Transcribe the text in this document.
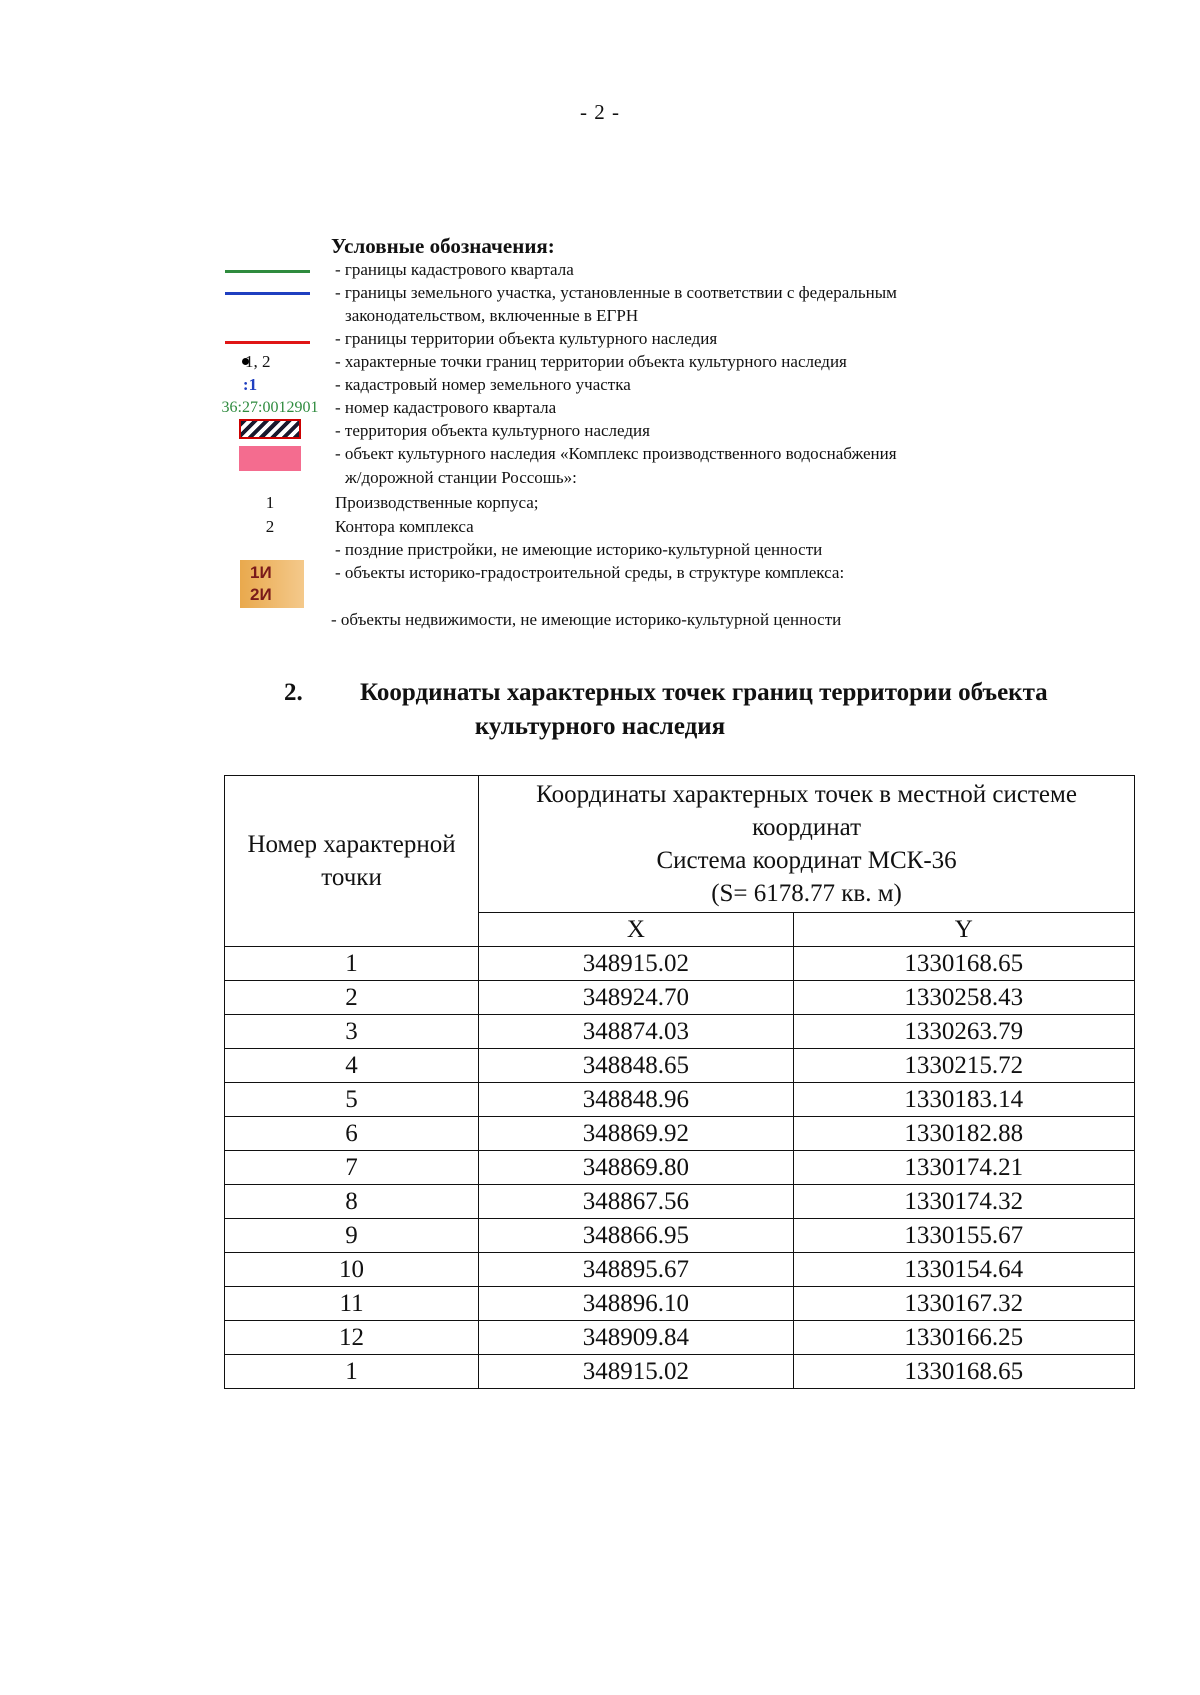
- 2 -
Условные обозначения:
1, 2
:1
36:27:0012901
1
2
1И
2И
- границы кадастрового квартала
- границы земельного участка, установленные в соответствии с федеральным
законодательством, включенные в ЕГРН
- границы территории объекта культурного наследия
- характерные точки границ территории объекта культурного наследия
- кадастровый номер земельного участка
- номер кадастрового квартала
- территория объекта культурного наследия
- объект культурного наследия «Комплекс производственного водоснабжения
ж/дорожной станции Россошь»:
Производственные корпуса;
Контора комплекса
- поздние пристройки, не имеющие историко-культурной ценности
- объекты историко-градостроительной среды, в структуре комплекса:
- объекты недвижимости, не имеющие историко-культурной ценности
2. Координаты характерных точек границ территории объекта
культурного наследия
Номер характерной точки	Координаты характерных точек в местной системе
координат
Система координат МСК-36
(S= 6178.77 кв. м)	

	X	Y
1	348915.02	1330168.65
2	348924.70	1330258.43
3	348874.03	1330263.79
4	348848.65	1330215.72
5	348848.96	1330183.14
6	348869.92	1330182.88
7	348869.80	1330174.21
8	348867.56	1330174.32
9	348866.95	1330155.67
10	348895.67	1330154.64
11	348896.10	1330167.32
12	348909.84	1330166.25
1	348915.02	1330168.65
